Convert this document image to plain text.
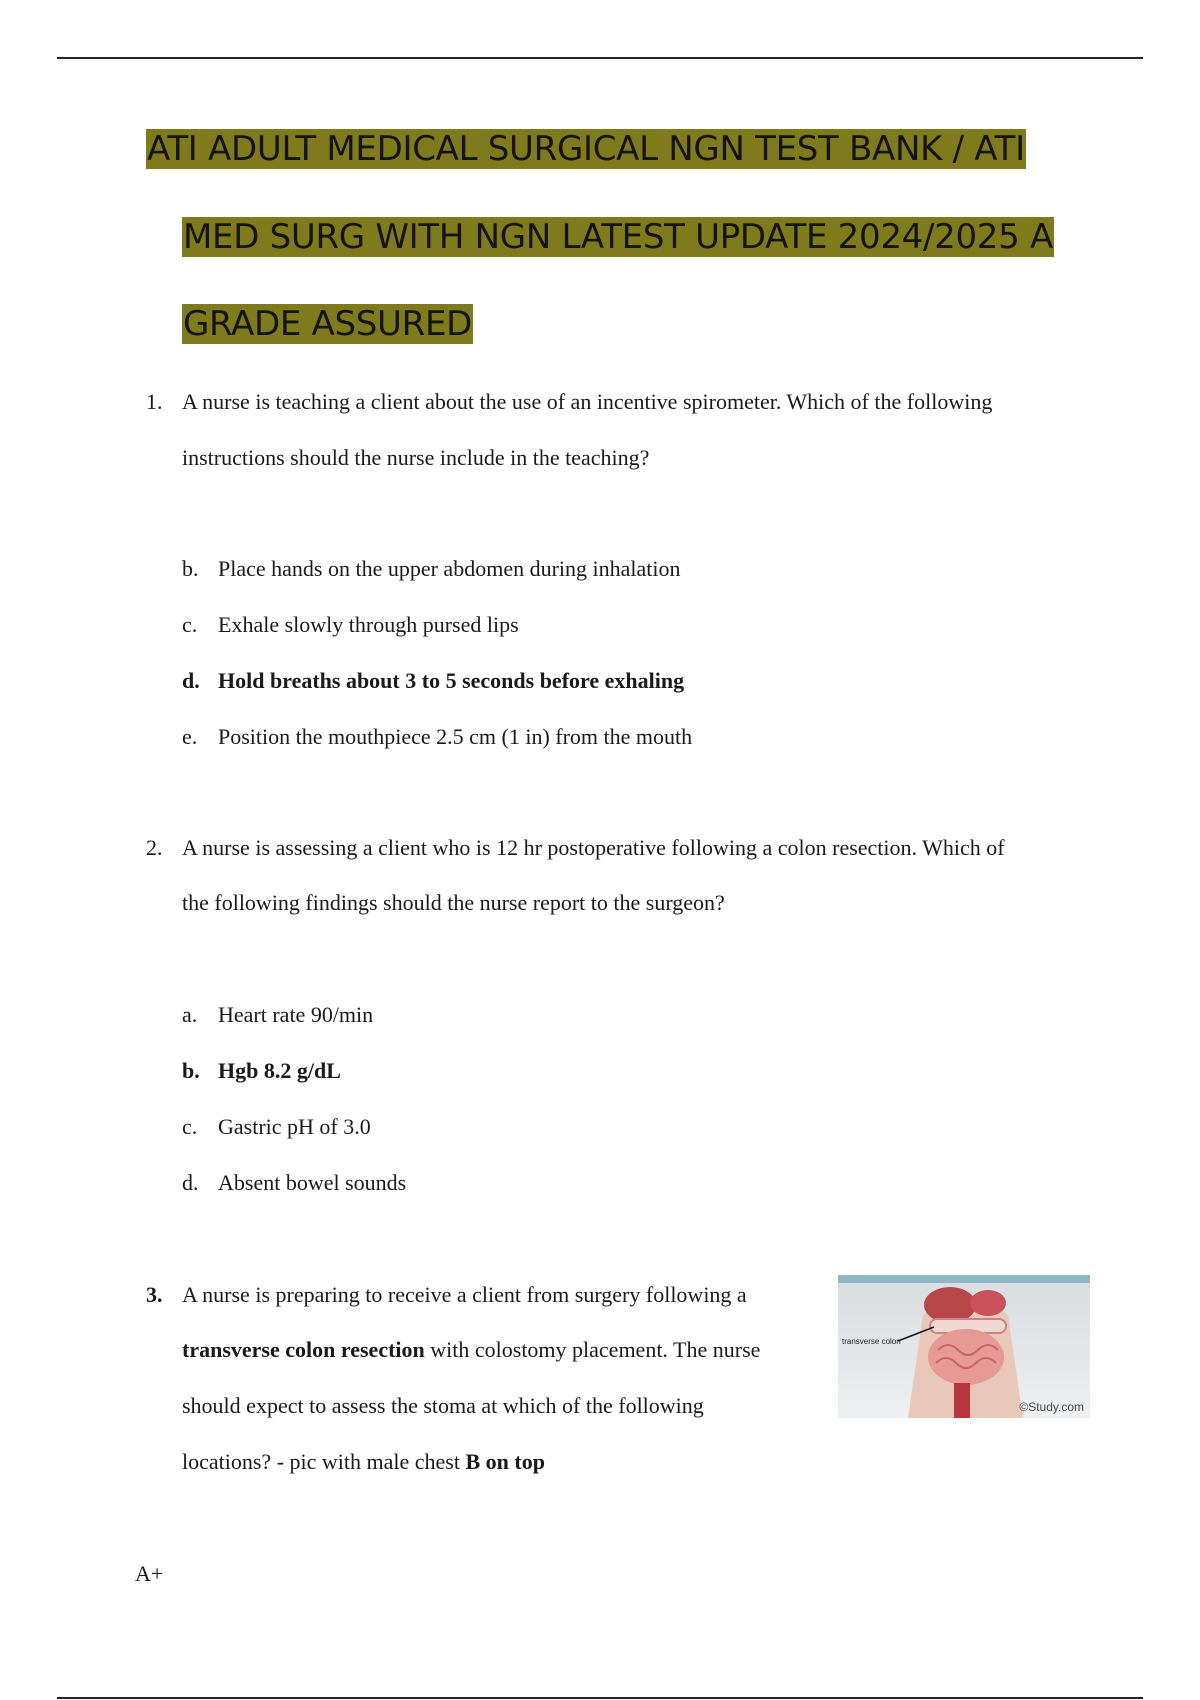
ATI ADULT MEDICAL SURGICAL NGN TEST BANK / ATI
MED SURG WITH NGN LATEST UPDATE 2024/2025 A
GRADE ASSURED
1. A nurse is teaching a client about the use of an incentive spirometer. Which of the following
instructions should the nurse include in the teaching?
b. Place hands on the upper abdomen during inhalation
c. Exhale slowly through pursed lips
d. Hold breaths about 3 to 5 seconds before exhaling
e. Position the mouthpiece 2.5 cm (1 in) from the mouth
2. A nurse is assessing a client who is 12 hr postoperative following a colon resection. Which of
the following findings should the nurse report to the surgeon?
a. Heart rate 90/min
b. Hgb 8.2 g/dL
c. Gastric pH of 3.0
d. Absent bowel sounds
3. A nurse is preparing to receive a client from surgery following a
transverse colon resection with colostomy placement. The nurse
should expect to assess the stoma at which of the following
locations? - pic with male chest B on top
transverse colon
©Study.com
A+
